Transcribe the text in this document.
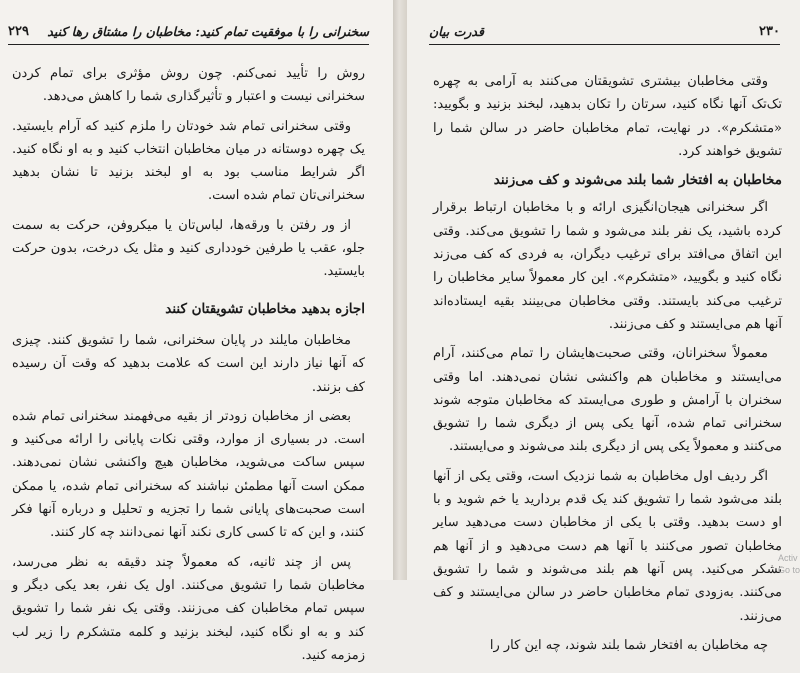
سخنرانی را با موفقیت تمام کنید: مخاطبان را مشتاق رها کنید
۲۲۹

روش را تأیید نمی‌کنم. چون روش مؤثری برای تمام کردن سخنرانی نیست و اعتبار و تأثیرگذاری شما را کاهش می‌دهد.

وقتی سخنرانی تمام شد خودتان را ملزم کنید که آرام بایستید. یک چهره دوستانه در میان مخاطبان انتخاب کنید و به او نگاه کنید. اگر شرایط مناسب بود به او لبخند بزنید تا نشان بدهید سخنرانی‌تان تمام شده است.

از ور رفتن با ورقه‌ها، لباس‌تان یا میکروفن، حرکت به سمت جلو، عقب یا طرفین خودداری کنید و مثل یک درخت، بدون حرکت بایستید.

اجازه بدهید مخاطبان تشویقتان کنند

مخاطبان مایلند در پایان سخنرانی، شما را تشویق کنند. چیزی که آنها نیاز دارند این است که علامت بدهید که وقت آن رسیده کف بزنند.

بعضی از مخاطبان زودتر از بقیه می‌فهمند سخنرانی تمام شده است. در بسیاری از موارد، وقتی نکات پایانی را ارائه می‌کنید و سپس ساکت می‌شوید، مخاطبان هیچ واکنشی نشان نمی‌دهند. ممکن است آنها مطمئن نباشند که سخنرانی تمام شده، یا ممکن است صحبت‌های پایانی شما را تجزیه و تحلیل و درباره آنها فکر کنند، و این که تا کسی کاری نکند آنها نمی‌دانند چه کار کنند.

پس از چند ثانیه، که معمولاً چند دقیقه به نظر می‌رسد، مخاطبان شما را تشویق می‌کنند. اول یک نفر، بعد یکی دیگر و سپس تمام مخاطبان کف می‌زنند. وقتی یک نفر شما را تشویق کند و به او نگاه کنید، لبخند بزنید و کلمه متشکرم را زیر لب زمزمه کنید.

۲۳۰
قدرت بیان

وقتی مخاطبان بیشتری تشویقتان می‌کنند به آرامی به چهره تک‌تک آنها نگاه کنید، سرتان را تکان بدهید، لبخند بزنید و بگویید: «متشکرم». در نهایت، تمام مخاطبان حاضر در سالن شما را تشویق خواهند کرد.

مخاطبان به افتخار شما بلند می‌شوند و کف می‌زنند

اگر سخنرانی هیجان‌انگیزی ارائه و با مخاطبان ارتباط برقرار کرده باشید، یک نفر بلند می‌شود و شما را تشویق می‌کند. وقتی این اتفاق می‌افتد برای ترغیب دیگران، به فردی که کف می‌زند نگاه کنید و بگویید، «متشکرم». این کار معمولاً سایر مخاطبان را ترغیب می‌کند بایستند. وقتی مخاطبان می‌بینند بقیه ایستاده‌اند آنها هم می‌ایستند و کف می‌زنند.

معمولاً سخنرانان، وقتی صحبت‌هایشان را تمام می‌کنند، آرام می‌ایستند و مخاطبان هم واکنشی نشان نمی‌دهند. اما وقتی سخنران با آرامش و طوری می‌ایستد که مخاطبان متوجه شوند سخنرانی تمام شده، آنها یکی پس از دیگری شما را تشویق می‌کنند و معمولاً یکی پس از دیگری بلند می‌شوند و می‌ایستند.

اگر ردیف اول مخاطبان به شما نزدیک است، وقتی یکی از آنها بلند می‌شود شما را تشویق کند یک قدم بردارید یا خم شوید و با او دست بدهید. وقتی با یکی از مخاطبان دست می‌دهید سایر مخاطبان تصور می‌کنند با آنها هم دست می‌دهید و از آنها هم تشکر می‌کنید. پس آنها هم بلند می‌شوند و شما را تشویق می‌کنند. به‌زودی تمام مخاطبان حاضر در سالن می‌ایستند و کف می‌زنند.

چه مخاطبان به افتخار شما بلند شوند، چه این کار را

Activ Go to
